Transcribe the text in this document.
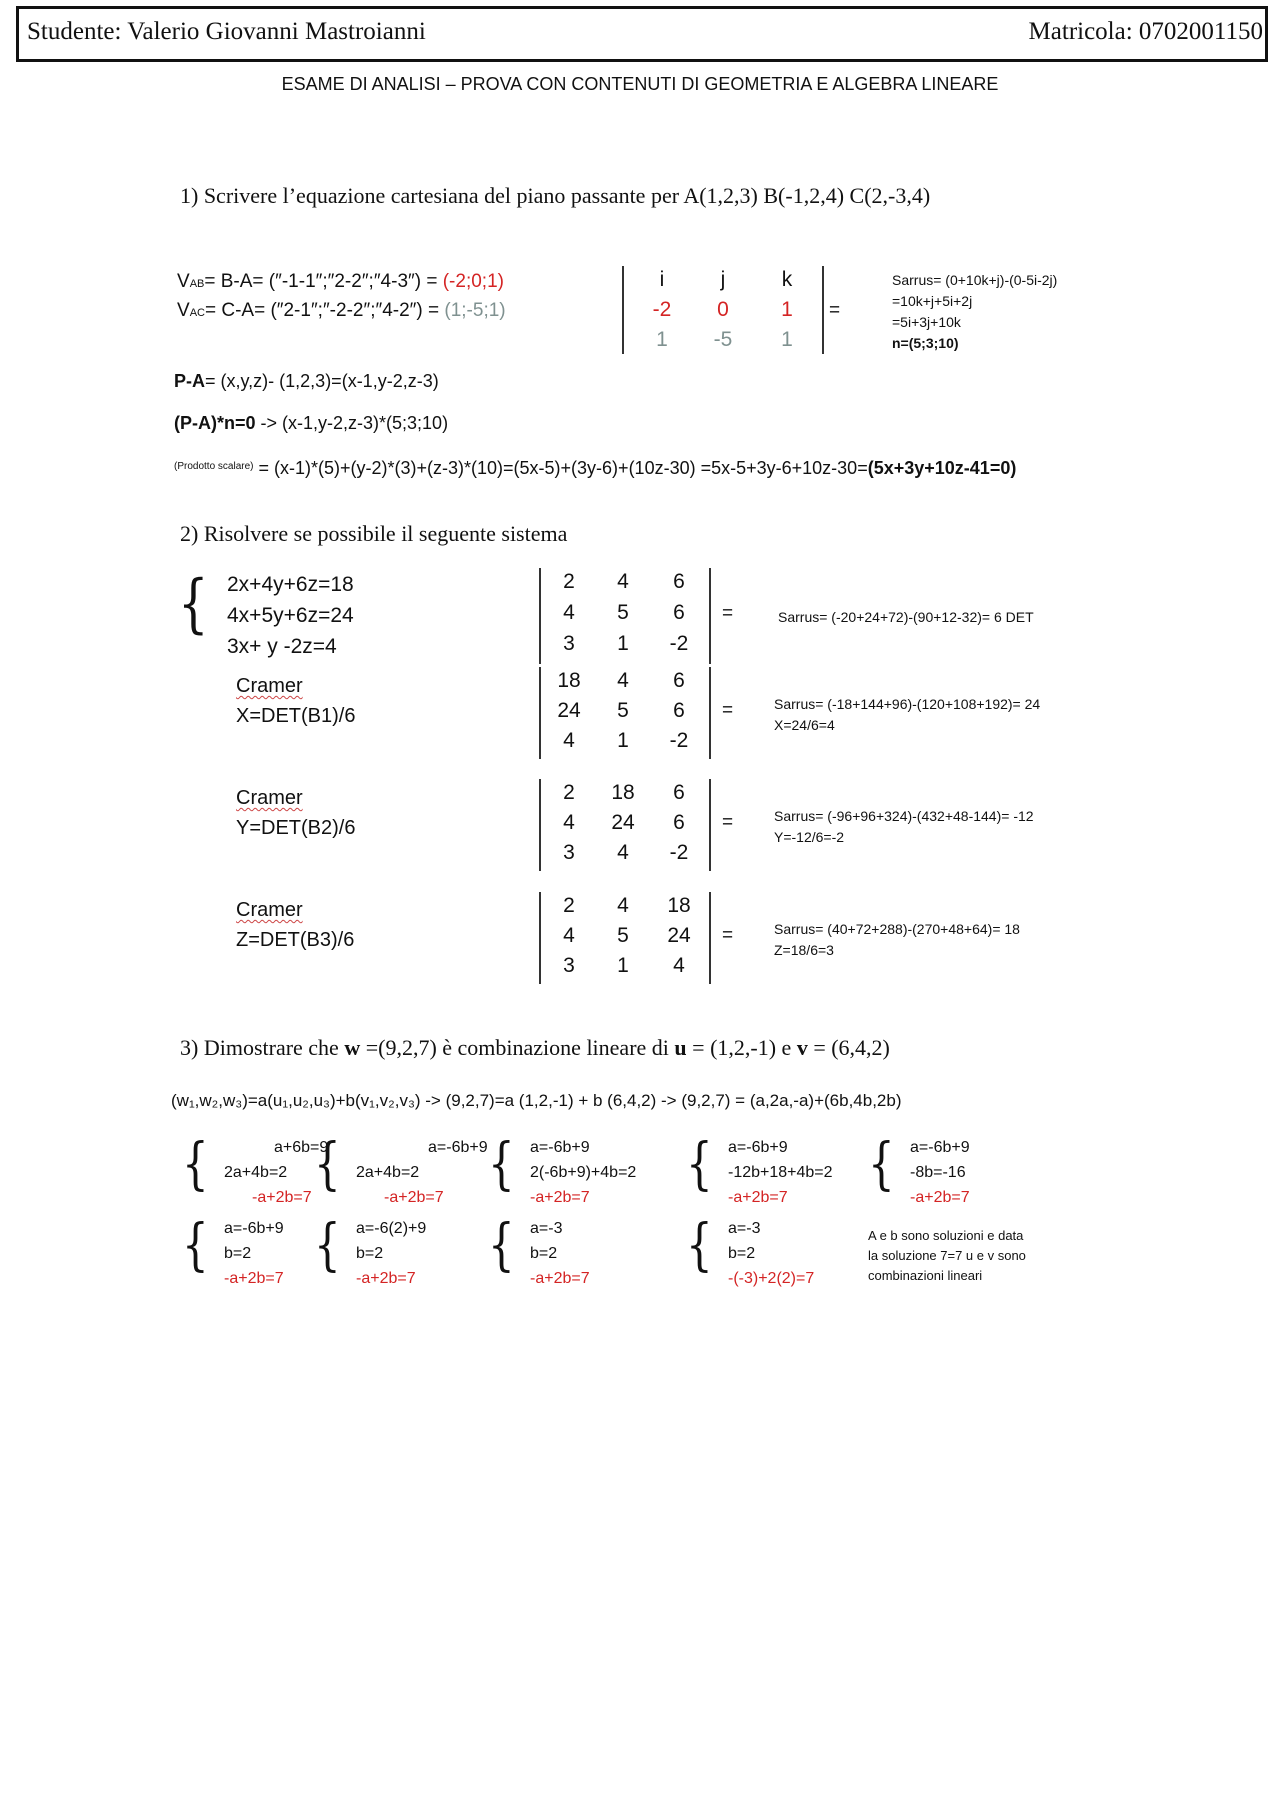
Studente: Valerio Giovanni Mastroianni	Matricola: 0702001150
ESAME DI ANALISI – PROVA CON CONTENUTI DI GEOMETRIA E ALGEBRA LINEARE
1) Scrivere l’equazione cartesiana del piano passante per A(1,2,3) B(-1,2,4) C(2,-3,4)
VAB= B-A= (″-1-1″;″2-2″;″4-3″) = (-2;0;1)
VAC= C-A= (″2-1″;″-2-2″;″4-2″) = (1;-5;1)
i	j	k
-2	0	1
1	-5	1
=
Sarrus= (0+10k+j)-(0-5i-2j)
=10k+j+5i+2j
=5i+3j+10k
n=(5;3;10)
P-A= (x,y,z)- (1,2,3)=(x-1,y-2,z-3)
(P-A)*n=0 -> (x-1,y-2,z-3)*(5;3;10)
$^{(Prodotto scalare)}$ = (x-1)*(5)+(y-2)*(3)+(z-3)*(10)=(5x-5)+(3y-6)+(10z-30) =5x-5+3y-6+10z-30=(5x+3y+10z-41=0)
2) Risolvere se possibile il seguente sistema
{ 2x+4y+6z=18
4x+5y+6z=24
3x+ y -2z=4
2	4	6
4	5	6
3	1	-2
=	Sarrus= (-20+24+72)-(90+12-32)= 6 DET
Cramer
X=DET(B1)/6
18	4	6
24	5	6
4	1	-2
=	Sarrus= (-18+144+96)-(120+108+192)= 24
X=24/6=4
Cramer
Y=DET(B2)/6
2	18	6
4	24	6
3	4	-2
=	Sarrus= (-96+96+324)-(432+48-144)= -12
Y=-12/6=-2
Cramer
Z=DET(B3)/6
2	4	18
4	5	24
3	1	4
=	Sarrus= (40+72+288)-(270+48+64)= 18
Z=18/6=3
3) Dimostrare che w =(9,2,7) è combinazione lineare di u = (1,2,-1) e v = (6,4,2)
(w₁,w₂,w₃)=a(u₁,u₂,u₃)+b(v₁,v₂,v₃) -> (9,2,7)=a (1,2,-1) + b (6,4,2) -> (9,2,7) = (a,2a,-a)+(6b,4b,2b)
{	a+6b=9
2a+4b=2
-a+2b=7
{	a=-6b+9
2a+4b=2
-a+2b=7
{ a=-6b+9
2(-6b+9)+4b=2
-a+2b=7
{ a=-6b+9
-12b+18+4b=2
-a+2b=7
{ a=-6b+9
-8b=-16
-a+2b=7
{ a=-6b+9
b=2
-a+2b=7
{ a=-6(2)+9
b=2
-a+2b=7
{ a=-3
b=2
-a+2b=7
{ a=-3
b=2
-(-3)+2(2)=7
A e b sono soluzioni e data
la soluzione 7=7 u e v sono
combinazioni lineari
